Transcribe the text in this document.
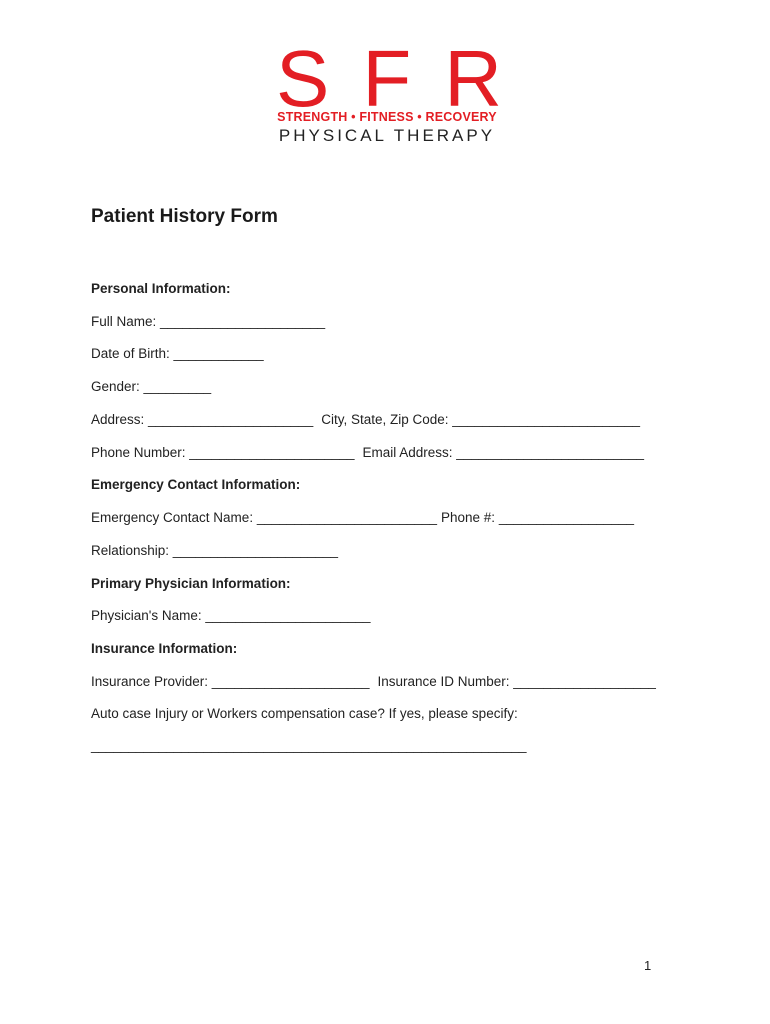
S F R
STRENGTH • FITNESS • RECOVERY
PHYSICAL THERAPY
Patient History Form
Personal Information:
Full Name: ______________________
Date of Birth: ____________
Gender: _________
Address: ______________________ City, State, Zip Code: _________________________
Phone Number: ______________________ Email Address: _________________________
Emergency Contact Information:
Emergency Contact Name: ________________________ Phone #: __________________
Relationship: ______________________
Primary Physician Information:
Physician's Name: ______________________
Insurance Information:
Insurance Provider: _____________________ Insurance ID Number: ___________________
Auto case Injury or Workers compensation case? If yes, please specify:
__________________________________________________________
1
